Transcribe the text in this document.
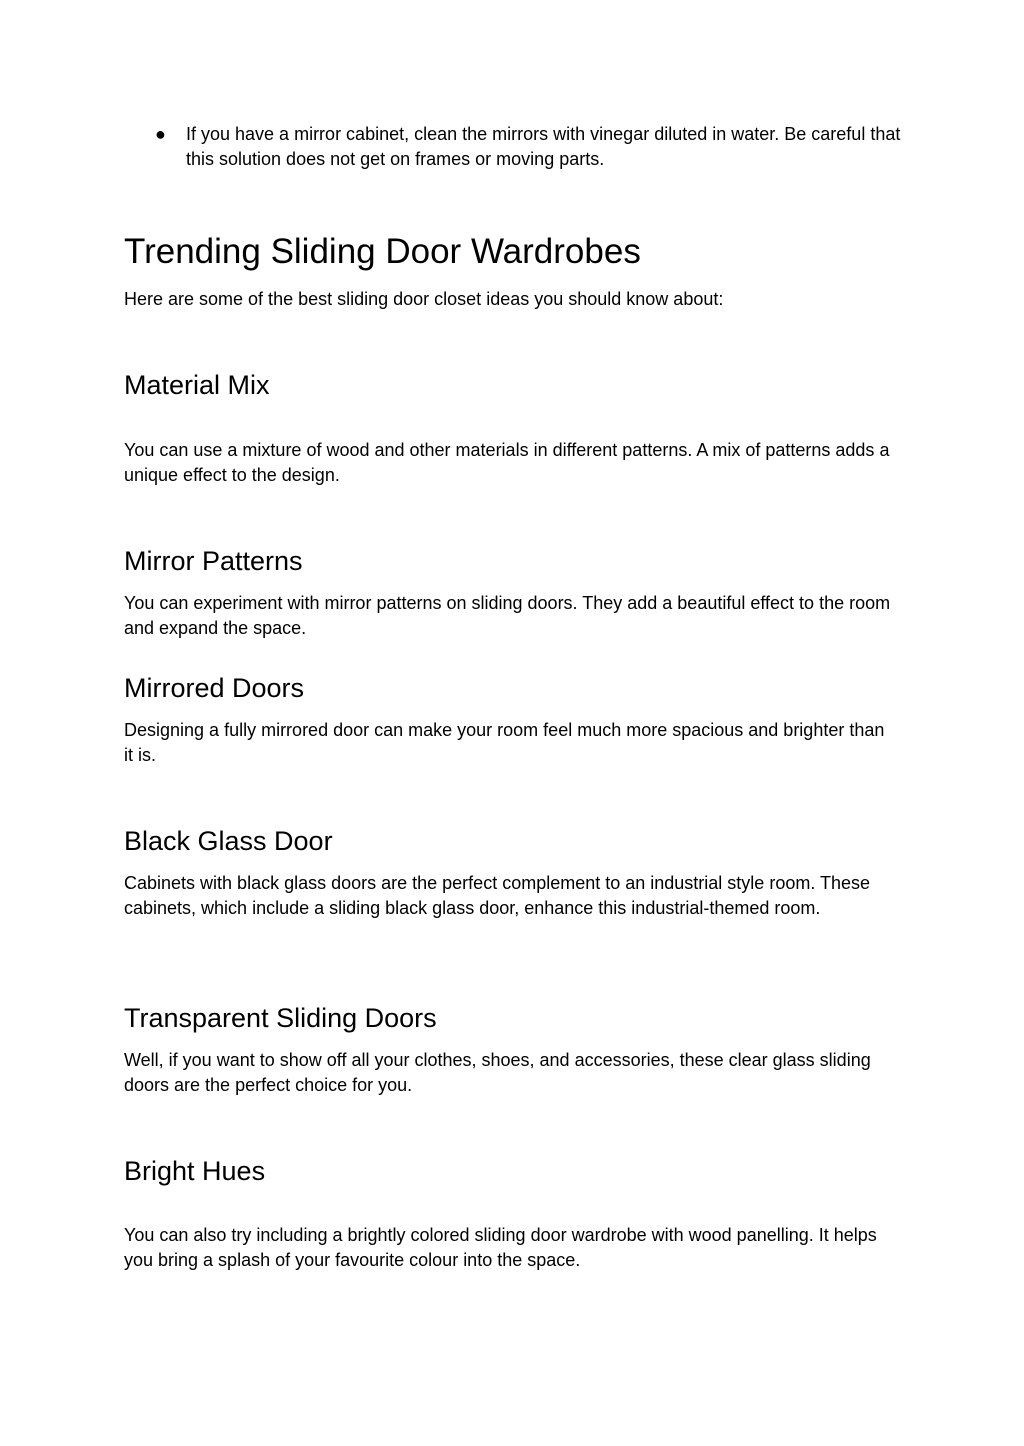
● If you have a mirror cabinet, clean the mirrors with vinegar diluted in water. Be careful that this solution does not get on frames or moving parts.

Trending Sliding Door Wardrobes

Here are some of the best sliding door closet ideas you should know about:

Material Mix

You can use a mixture of wood and other materials in different patterns. A mix of patterns adds a unique effect to the design.

Mirror Patterns

You can experiment with mirror patterns on sliding doors. They add a beautiful effect to the room and expand the space.

Mirrored Doors

Designing a fully mirrored door can make your room feel much more spacious and brighter than it is.

Black Glass Door

Cabinets with black glass doors are the perfect complement to an industrial style room. These cabinets, which include a sliding black glass door, enhance this industrial-themed room.

Transparent Sliding Doors

Well, if you want to show off all your clothes, shoes, and accessories, these clear glass sliding doors are the perfect choice for you.

Bright Hues

You can also try including a brightly colored sliding door wardrobe with wood panelling. It helps you bring a splash of your favourite colour into the space.
